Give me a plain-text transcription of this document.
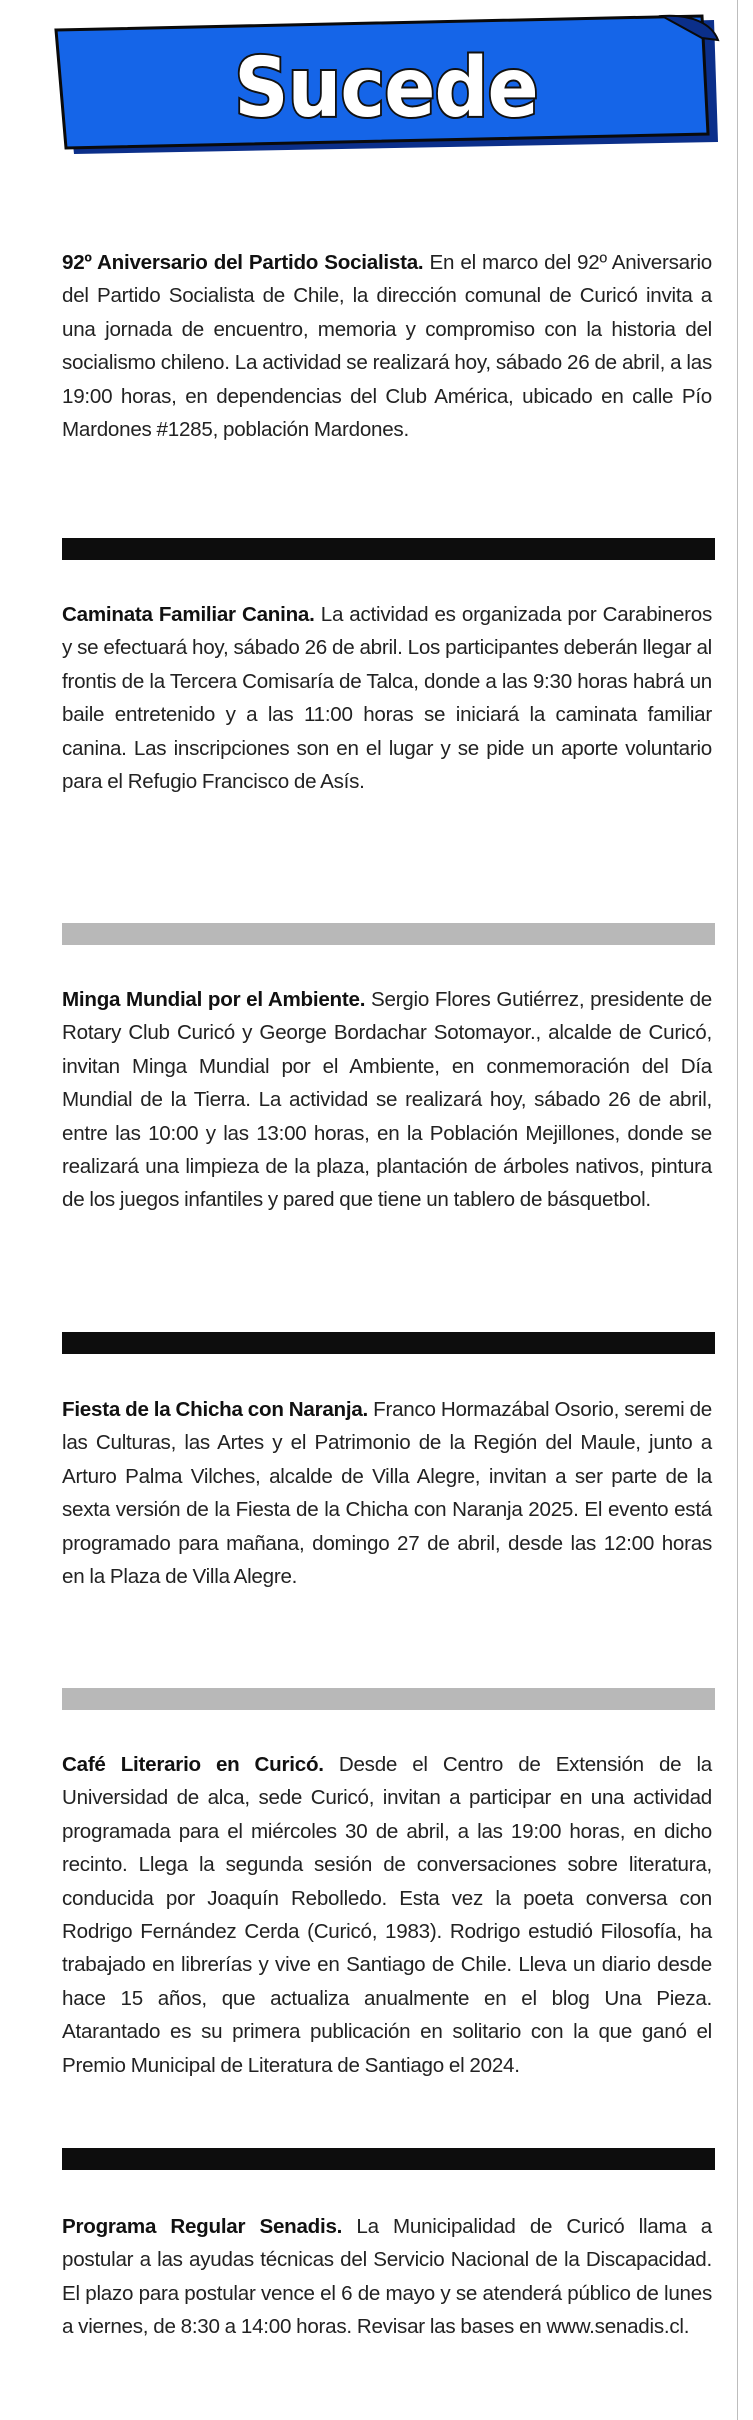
Sucede
92º Aniversario del Partido Socialista. En el marco del 92º Aniversario del Partido Socialista de Chile, la dirección comunal de Curicó invita a una jornada de encuentro, memoria y compromiso con la historia del socialismo chileno. La actividad se realizará hoy, sábado 26 de abril, a las 19:00 horas, en dependencias del Club América, ubicado en calle Pío Mardones #1285, población Mardones.
Caminata Familiar Canina. La actividad es organizada por Carabineros y se efectuará hoy, sábado 26 de abril. Los participantes deberán llegar al frontis de la Tercera Comisaría de Talca, donde a las 9:30 horas habrá un baile entretenido y a las 11:00 horas se iniciará la caminata familiar canina. Las inscripciones son en el lugar y se pide un aporte voluntario para el Refugio Francisco de Asís.
Minga Mundial por el Ambiente. Sergio Flores Gutiérrez, presidente de Rotary Club Curicó y George Bordachar Sotomayor., alcalde de Curicó, invitan Minga Mundial por el Ambiente, en conmemoración del Día Mundial de la Tierra. La actividad se realizará hoy, sábado 26 de abril, entre las 10:00 y las 13:00 horas, en la Población Mejillones, donde se realizará una limpieza de la plaza, plantación de árboles nativos, pintura de los juegos infantiles y pared que tiene un tablero de básquetbol.
Fiesta de la Chicha con Naranja. Franco Hormazábal Osorio, seremi de las Culturas, las Artes y el Patrimonio de la Región del Maule, junto a Arturo Palma Vilches, alcalde de Villa Alegre, invitan a ser parte de la sexta versión de la Fiesta de la Chicha con Naranja 2025. El evento está programado para mañana, domingo 27 de abril, desde las 12:00 horas en la Plaza de Villa Alegre.
Café Literario en Curicó. Desde el Centro de Extensión de la Universidad de alca, sede Curicó, invitan a participar en una actividad programada para el miércoles 30 de abril, a las 19:00 horas, en dicho recinto. Llega la segunda sesión de conversaciones sobre literatura, conducida por Joaquín Rebolledo. Esta vez la poeta conversa con Rodrigo Fernández Cerda (Curicó, 1983). Rodrigo estudió Filosofía, ha trabajado en librerías y vive en Santiago de Chile. Lleva un diario desde hace 15 años, que actualiza anualmente en el blog Una Pieza. Atarantado es su primera publicación en solitario con la que ganó el Premio Municipal de Literatura de Santiago el 2024.
Programa Regular Senadis. La Municipalidad de Curicó llama a postular a las ayudas técnicas del Servicio Nacional de la Discapacidad. El plazo para postular vence el 6 de mayo y se atenderá público de lunes a viernes, de 8:30 a 14:00 horas. Revisar las bases en www.senadis.cl.
